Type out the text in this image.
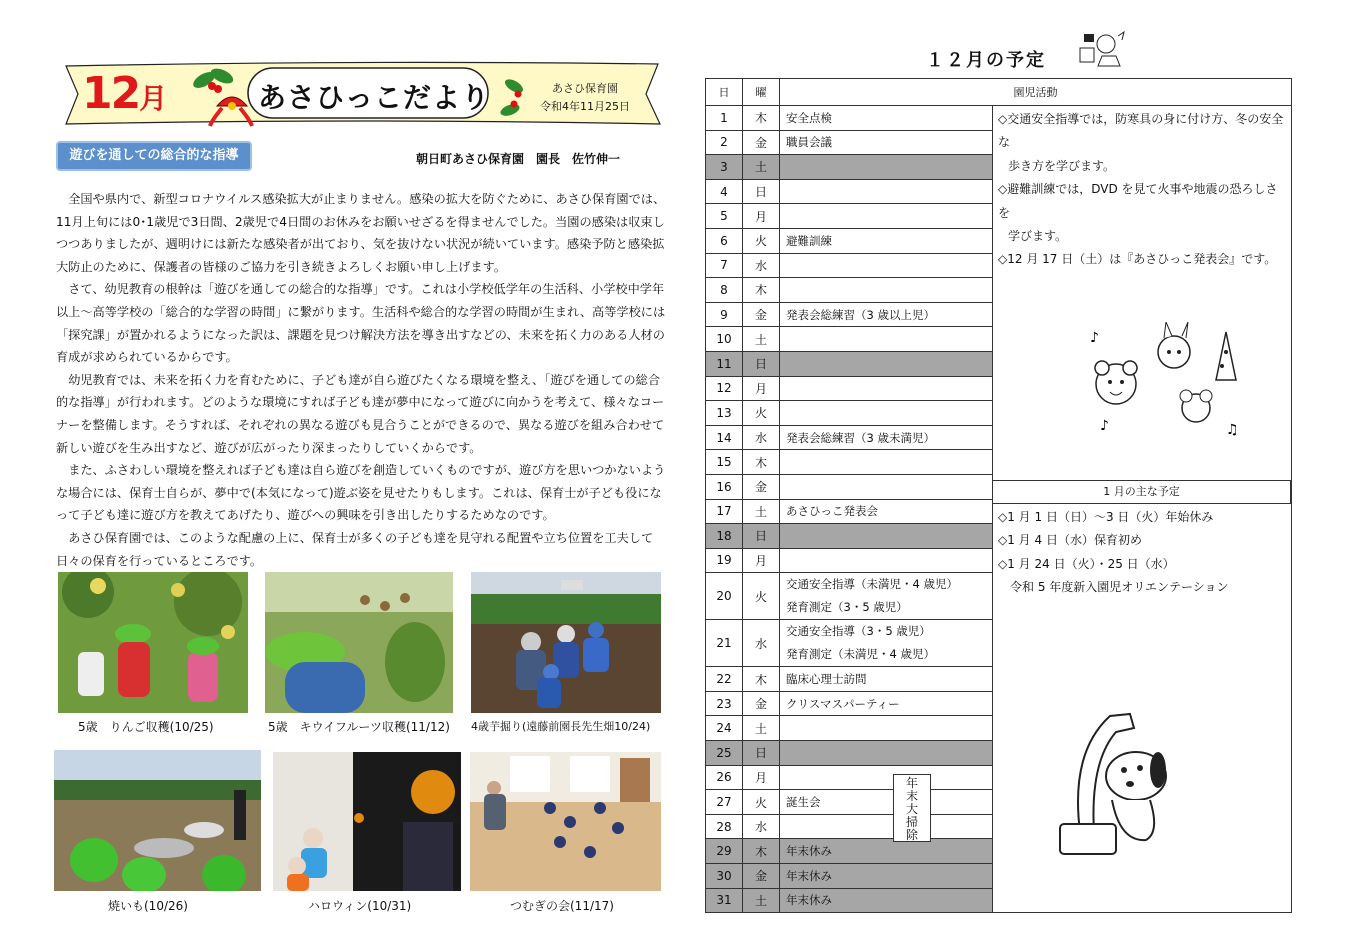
12月	あさひっこだより	あさひ保育園
令和4年11月25日
遊びを通しての総合的な指導	朝日町あさひ保育園　園長　佐竹伸一

全国や県内で、新型コロナウイルス感染拡大が止まりません。感染の拡大を防ぐために、あさひ保育園では、11月上旬には0･1歳児で3日間、2歳児で4日間のお休みをお願いせざるを得ませんでした。当園の感染は収束しつつありましたが、週明けには新たな感染者が出ており、気を抜けない状況が続いています。感染予防と感染拡大防止のために、保護者の皆様のご協力を引き続きよろしくお願い申し上げます。

さて、幼児教育の根幹は「遊びを通しての総合的な指導」です。これは小学校低学年の生活科、小学校中学年以上～高等学校の「総合的な学習の時間」に繋がります。生活科や総合的な学習の時間が生まれ、高等学校には「探究課」が置かれるようになった訳は、課題を見つけ解決方法を導き出すなどの、未来を拓く力のある人材の育成が求められているからです。

幼児教育では、未来を拓く力を育むために、子ども達が自ら遊びたくなる環境を整え、「遊びを通しての総合的な指導」が行われます。どのような環境にすれば子ども達が夢中になって遊びに向かうを考えて、様々なコーナーを整備します。そうすれば、それぞれの異なる遊びも見合うことができるので、異なる遊びを組み合わせて新しい遊びを生み出すなど、遊びが広がったり深まったりしていくからです。

また、ふさわしい環境を整えれば子ども達は自ら遊びを創造していくものですが、遊び方を思いつかないような場合には、保育士自らが、夢中で(本気になって)遊ぶ姿を見せたりもします。これは、保育士が子ども役になって子ども達に遊び方を教えてあげたり、遊びへの興味を引き出したりするためなのです。

あさひ保育園では、このような配慮の上に、保育士が多くの子ども達を見守れる配置や立ち位置を工夫して日々の保育を行っているところです。

5歳　りんご収穫(10/25)	5歳　キウイフルーツ収穫(11/12) 4歳芋掘り(遠藤前園長先生畑10/24)
焼いも(10/26)	ハロウィン(10/31)	つむぎの会(11/17)
１２月の予定
日	曜	園児活動	
1	木	安全点検	

2	金	職員会議	

3	土		

4	日		

5	月		

6	火	避難訓練	

7	水		

8	木		

9	金	発表会総練習（3 歳以上児）	

10	土		

11	日		

12	月		

13	火		

14	水	発表会総練習（3 歳未満児）	

15	木		

16	金		

17	土	あさひっこ発表会	

18	日		

19	月		

20	火	交通安全指導（未満児・4 歳児）
発育測定（3・5 歳児）	

21	水	交通安全指導（3・5 歳児）
発育測定（未満児・4 歳児）	

22	木	臨床心理士訪問	

23	金	クリスマスパーティー	

24	土		

25	日		

26	月		

27	火	誕生会	

28	水		

29	木	年末休み	

30	金	年末休み	

31	土	年末休み	
◇交通安全指導では，防寒具の身に付け方、冬の安全な
歩き方を学びます。
◇避難訓練では，DVD を見て火事や地震の恐ろしさを
学びます。
◇12 月 17 日（土）は『あさひっこ発表会』です。
♪
♫
♪
1 月の主な予定
◇1 月 1 日（日）～3 日（火）年始休み
◇1 月 4 日（水）保育初め
◇1 月 24 日（火）・25 日（水）
令和 5 年度新入園児オリエンテーション
年末大掃除
